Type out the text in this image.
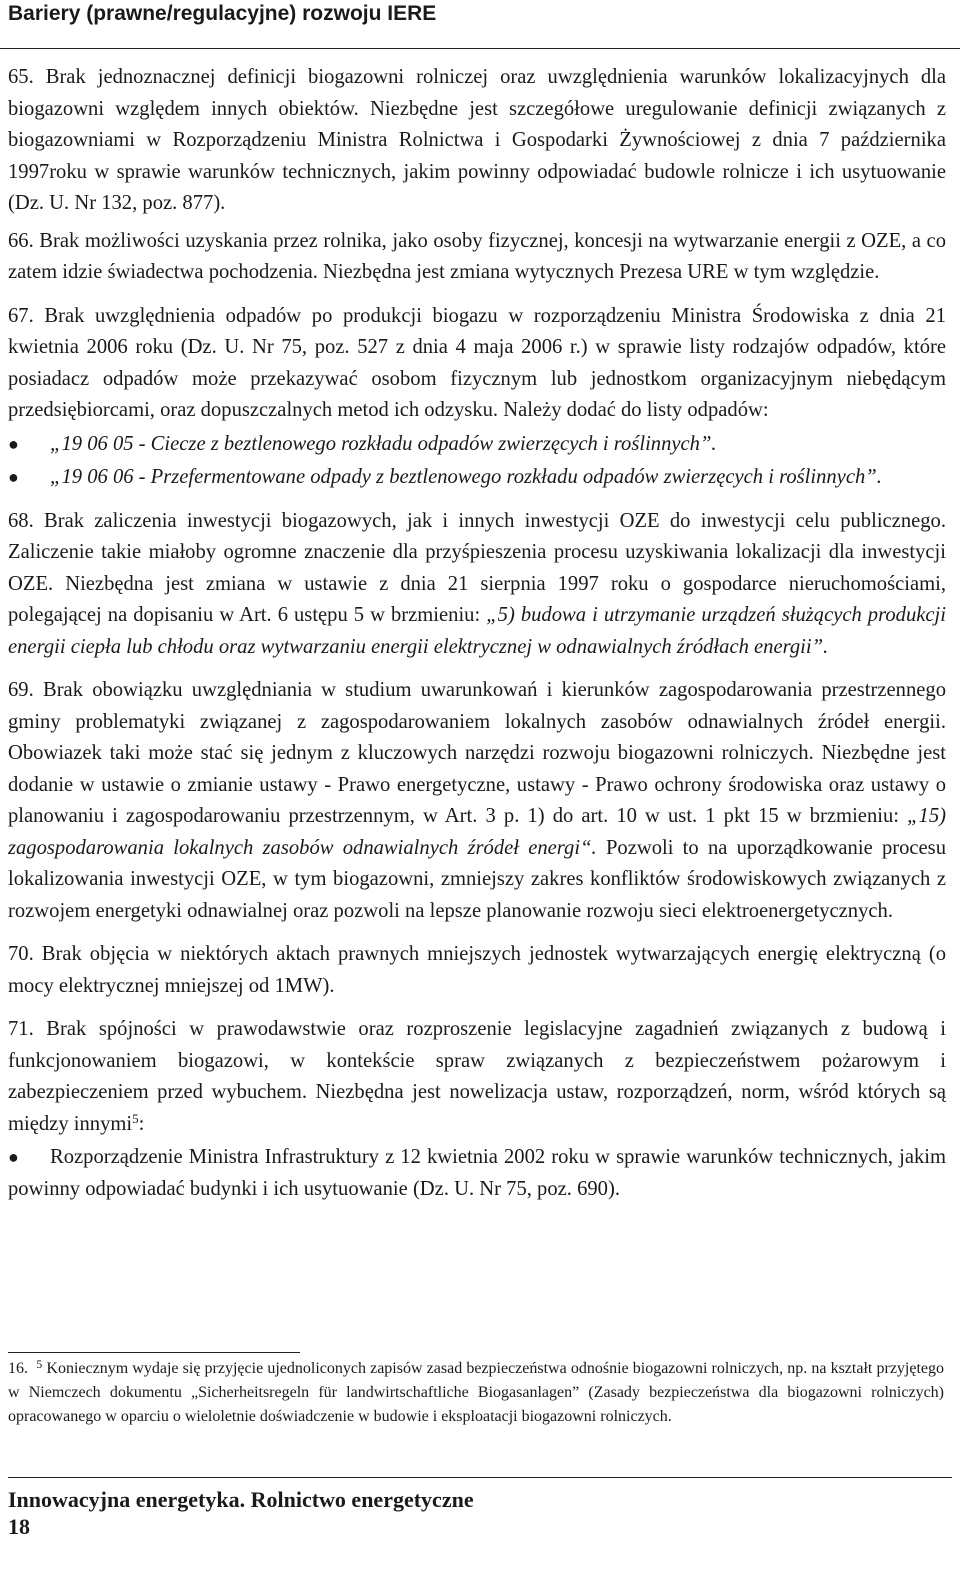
Bariery (prawne/regulacyjne) rozwoju IERE

65. Brak jednoznacznej definicji biogazowni rolniczej oraz uwzględnienia warunków lokalizacyjnych dla biogazowni względem innych obiektów. Niezbędne jest szczegółowe uregulowanie definicji związanych z biogazowniami w Rozporządzeniu Ministra Rolnictwa i Gospodarki Żywnościowej z dnia 7 października 1997roku w sprawie warunków technicznych, jakim powinny odpowiadać budowle rolnicze i ich usytuowanie (Dz. U. Nr 132, poz. 877).

66. Brak możliwości uzyskania przez rolnika, jako osoby fizycznej, koncesji na wytwarzanie energii z OZE, a co zatem idzie świadectwa pochodzenia. Niezbędna jest zmiana wytycznych Prezesa URE w tym względzie.

67. Brak uwzględnienia odpadów po produkcji biogazu w rozporządzeniu Ministra Środowiska z dnia 21 kwietnia 2006 roku (Dz. U. Nr 75, poz. 527 z dnia 4 maja 2006 r.) w sprawie listy rodzajów odpadów, które posiadacz odpadów może przekazywać osobom fizycznym lub jednostkom organizacyjnym niebędącym przedsiębiorcami, oraz dopuszczalnych metod ich odzysku. Należy dodać do listy odpadów:

●	„19 06 05 - Ciecze z beztlenowego rozkładu odpadów zwierzęcych i roślinnych”.

● „19 06 06 - Przefermentowane odpady z beztlenowego rozkładu odpadów zwierzęcych i roślinnych”.

68. Brak zaliczenia inwestycji biogazowych, jak i innych inwestycji OZE do inwestycji celu publicznego. Zaliczenie takie miałoby ogromne znaczenie dla przyśpieszenia procesu uzyskiwania lokalizacji dla inwestycji OZE. Niezbędna jest zmiana w ustawie z dnia 21 sierpnia 1997 roku o gospodarce nieruchomościami, polegającej na dopisaniu w Art. 6 ustępu 5 w brzmieniu: „5) budowa i utrzymanie urządzeń służących produkcji energii ciepła lub chłodu oraz wytwarzaniu energii elektrycznej w odnawialnych źródłach energii”.

69. Brak obowiązku uwzględniania w studium uwarunkowań i kierunków zagospodarowania przestrzennego gminy problematyki związanej z zagospodarowaniem lokalnych zasobów odnawialnych źródeł energii. Obowiazek taki może stać się jednym z kluczowych narzędzi rozwoju biogazowni rolniczych. Niezbędne jest dodanie w ustawie o zmianie ustawy - Prawo energetyczne, ustawy - Prawo ochrony środowiska oraz ustawy o planowaniu i zagospodarowaniu przestrzennym, w Art. 3 p. 1) do art. 10 w ust. 1 pkt 15 w brzmieniu: „15) zagospodarowania lokalnych zasobów odnawialnych źródeł energi“. Pozwoli to na uporządkowanie procesu lokalizowania inwestycji OZE, w tym biogazowni, zmniejszy zakres konfliktów środowiskowych związanych z rozwojem energetyki odnawialnej oraz pozwoli na lepsze planowanie rozwoju sieci elektroenergetycznych.

70. Brak objęcia w niektórych aktach prawnych mniejszych jednostek wytwarzających energię elektryczną (o mocy elektrycznej mniejszej od 1MW).

71. Brak spójności w prawodawstwie oraz rozproszenie legislacyjne zagadnień związanych z budową i funkcjonowaniem biogazowi, w kontekście spraw związanych z bezpieczeństwem pożarowym i zabezpieczeniem przed wybuchem. Niezbędna jest nowelizacja ustaw, rozporządzeń, norm, wśród których są między innymi$^5$:

● Rozporządzenie Ministra Infrastruktury z 12 kwietnia 2002 roku w sprawie warunków technicznych, jakim powinny odpowiadać budynki i ich usytuowanie (Dz. U. Nr 75, poz. 690).

16. $^5$ Koniecznym wydaje się przyjęcie ujednoliconych zapisów zasad bezpieczeństwa odnośnie biogazowni rolniczych, np. na kształt przyjętego w Niemczech dokumentu „Sicherheitsregeln für landwirtschaftliche Biogasanlagen” (Zasady bezpieczeństwa dla biogazowni rolniczych) opracowanego w oparciu o wieloletnie doświadczenie w budowie i eksploatacji biogazowni rolniczych.
Innowacyjna energetyka. Rolnictwo energetyczne
18
